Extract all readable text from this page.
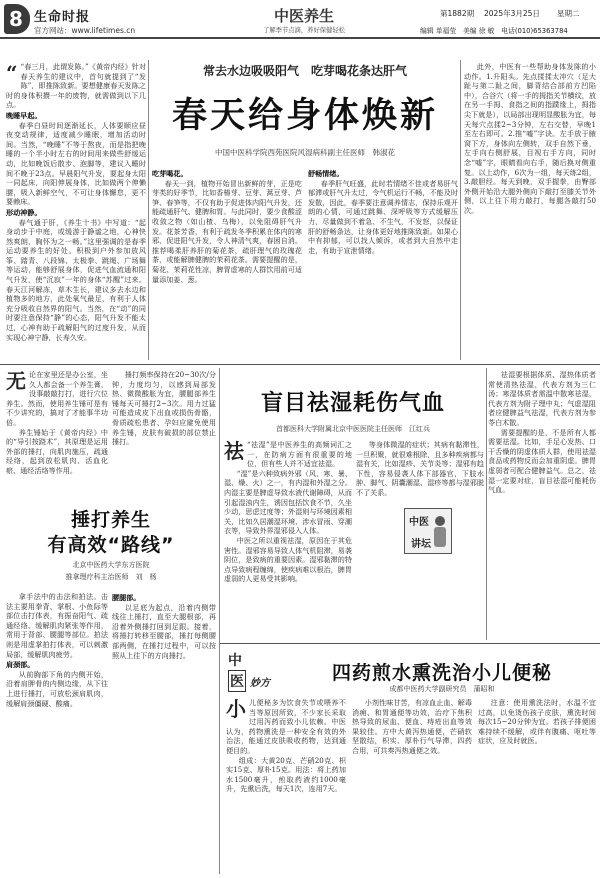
8 生命时报
官方网站：www.lifetimes.cn
中医养生
了解季节点滴，养好保健轻松
第1882期 2025年3月25日 星期二
编辑 单福莹　美编 徐 敏　电话(010)65363784
常去水边吸吸阳气　吃芽喝花条达肝气
春天给身体焕新
中国中医科学院西苑医院风湿病科副主任医师　韩淑花
“ “春三月，此谓发陈。”《黄帝内经》针对春天养生的建议中，首句就提到了“发陈”，即推陈致新。要想健康春天发陈之时的身体积攒一年的废物，就需做到以下几点。
晚睡早起。
春季白昼时间逐渐延长，人体要顺应昼夜变动规律，适度减少睡眠，增加活动时间。当然，“晚睡”不等于熬夜，而是指把晚睡的一个半小时左右的时间用来做些舒缓运动，比如晚饭后散步、泡脚等，建议入睡时间不晚于23点。早晨阳气升发，要起身太阳一同起床，向阳伸展身体，比如做两个伸懒腰，吸入新鲜空气，不可让身体懈怠，更不要赖床。
形动神静。
春气通于肝，《养生十书》中写道：“起身动步于中庭，或缓游于静谧之地，心神快然爽朗，胸怀为之一畅。”这里强调的是春季运动要养生的好处。积极到户外参加放风筝、踏青、八段锦、太极拳、跳绳、广场舞等运动，能够舒展身体，促进气血流通和阳气升发，使“沉寂”一年的身体“苏醒”过来。春天江河解冻，草木生长，建议多去水边和植物多的地方，此处氧气最足，有利于人体充分吸收自然界的阳气。当然，在“动”的同时要注意保持“静”的心态，阳气升发不能太过，心神有助于疏解阳气的过度升发，从而实现心神宁静，长寿久安。
吃芽喝花。
春天一到，植物开始冒出新鲜的芽，正是吃芽类的好季节，比如香椿芽、豆芽、蒿豆芽、芦笋、春笋等，不仅有助于促进体内阳气升发，还能疏通肝气、健脾和胃。与此同时，要少食酸涩收敛之物（如山楂、乌梅），以免阻碍肝气升发。花茶芳香，有利于疏发冬季积累在体内的寒邪、促进阳气升发，令人神清气爽，春困自消。推荐喝柔肝养肝的菊花茶，疏肝理气的玫瑰花茶，或能解脾健脾的茉莉花茶。需要提醒的是，菊花、茉莉花性凉，脾胃虚寒的人群饮用前可适量添加姜、葱。
舒畅情绪。
春季肝气旺盛，此时若情绪不佳或者易肝气郁滞或肝气升太过，令气机运行不畅，不能及时发散，因此，春季要注意调养情志，保持乐观开朗的心情，可通过跳舞、深呼吸等方式缓解压力，尽量做到不着急、不生气，不发怒，以保证肝的舒畅条达，让身体更好地推陈致新。如果心中有抑郁，可以找人倾诉，或者到大自然中走走，有助于宣泄情绪。
此外，中医有一些帮助身体发陈的小动作。1.升阳头。先点揉揉太冲穴（足大趾与第二趾之间，脚背结合部前方凹陷中），合谷穴（将一手的拇指关节横纹，放在另一手拇、食指之间的指蹼缘上，拇指尖下就是），以局部出现明显酸胀为宜，每天每穴点揉2~3分钟，左右交替，早晚1至左右即可。2.推“嘘”字诀。左手放于腋窝下方，身体向左侧转，双手自然下垂，左手向右侧舒展，目视右手方向，同时念“嘘”字，眼睛看向右手，随后换对侧重复。以上动作，6次为一组，每天练2组，3.敲胆经。每天到晚，双手握拳，由臀部外侧开始沿大腿外侧向下敲打至膝关节外侧，以上往下用力敲打，每腿各敲打50次。
无 论在家里还是办公室，坐久人都会备一个养生膏，没事敲敲打打，进行穴位养生。然而，使用养生锤可是有不少讲究的，搞对了才能事半功倍。
养生锤始于《黄帝内经》中的“导引按跷术”，其原理是运用外部的捶打，向肌肉施压，疏通经络，起到放松肌肉、活血化瘀、通经活络等作用。
捶打频率保持在20~30次/分钟，力度均匀，以感到局部发热、微微酸胀为宜，腰腿部养生锤每天可捶打2~3次。用力过猛可能造成皮下出血或损伤骨骼，骨质疏松患者、孕妇应避免使用养生锤，皮肤有破损的部位禁止捶打。
捶打养生
有高效“路线”
北京中医药大学东方医院
推拿理疗科主治医师　刘　杨
拿手法中的击法和拍法。击法主要用拳背、掌根、小鱼际等部位击打体表，有振奋阳气、疏通经络、缓解肌肉紧张等作用，常用于背部、腰腿等部位。拍法则是用虚掌拍打体表，可以刺激局部，缓解肌肉疲劳。
肩颈部。
从前胸部下角的内侧开始，沿着肩胛骨的内侧边缘，从下往上进行捶打，可放松颈肩肌肉，缓解肩颈僵硬、酸痛。
腰腿部。
以足底为起点，沿着内侧带线往上捶打，直至大腿根部，再沿着外侧捶打回到足跟。接着，将捶打转移至腰部，捶打每侧腰部两侧，在捶打过程中，可以按照从上往下的方向捶打。
盲目祛湿耗伤气血
首都医科大学附属北京中医医院主任医师　江红兵
祛 “祛湿”是中医养生的高频词汇之一，在防病方面有很重要的地位，但有些人并不适宜祛湿。
“湿”是六种致病外邪（风、寒、暑、湿、燥、火）之一，有内湿和外湿之分。内湿主要是脾虚导致水液代谢障碍，从而引起湿浊内生，诱因包括饮食不节，久坐少动，思虑过度等；外湿则与环境因素相关，比如久居潮湿环境、涉水冒雨、穿潮衣等，导致外界湿邪侵入人体。
中医之所以重视祛湿，原因在于其危害性。湿邪容易导致人体气机阻滞，易袭阴位，是致病的重要因素。湿邪黏滞的特点导致病程缠绵，使疾病难以根治，脾胃虚弱的人更易受其影响。
等身体微湿的症状；其病有黏滞性，一旦积聚，就很难根除，且多种疾病都与湿有关，比如湿疹、关节炎等；湿邪有趋下性，容易侵袭人体下部器官，下肢水肿、脚气、阴囊潮湿、湿疹等都与湿邪脱不了关系。
中医
讲坛
祛湿要根据体质、湿热体质者常使清热祛湿，代表方剂为三仁汤；寒湿体质者需温中散寒祛湿，代表方剂为附子理中丸；气虚湿阻者应健脾益气祛湿，代表方剂为参苓白术散。
需要提醒的是，不是所有人都需要祛湿。比如，手足心发热、口干舌燥的阴虚体质人群，使用祛湿食品或药物反而会加重阴虚。脾胃虚弱者可配合健脾益气。总之，祛湿一定要对症，盲目祛湿可能耗伤气血。
中
医 妙方	四药煎水熏洗治小儿便秘
成都中医药大学副研究员　蒲昭和
小 儿便秘多为饮食失节或喂养不当等原因所致，不少家长采取过用泻药而致小儿依赖。中医认为，药物熏洗是一种安全有效的外治法，能通过皮肤吸收药物，达到通便目的。
组成：大黄20克、芒硝20克、枳实15克、厚朴15克。用法：将上药加水1500毫升，煎取药液约1000毫升，先熏后洗，每天1次，连用7天。
小剂性味甘苦，有凉血止血、解毒消痈、和胃通便等功效，治疗下焦积热导致的尿血、便血、痔疮出血等效果较佳。方中大黄泻热通便，芒硝软坚散结，枳实、厚朴行气导滞，四药合用，可共奏泻热通便之效。
注意：使用熏洗法时，水温不宜过高，以免烫伤孩子皮肤，熏洗时间每次15~20分钟为宜。若孩子排便困难持续不缓解，或伴有腹痛、呕吐等症状，应及时就医。
